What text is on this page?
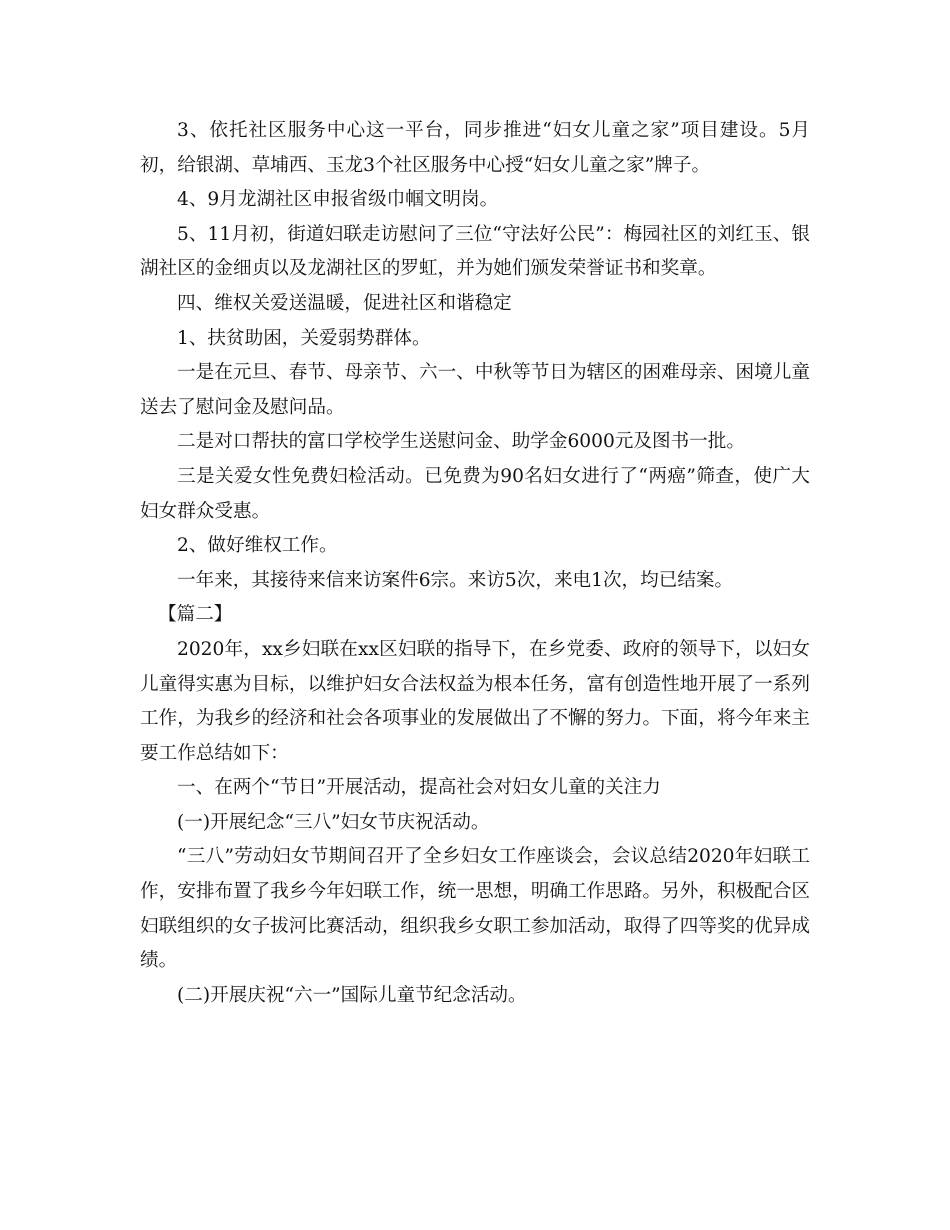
3、依托社区服务中心这一平台，同步推进“妇女儿童之家”项目建设。5月初，给银湖、草埔西、玉龙3个社区服务中心授“妇女儿童之家”牌子。

4、9月龙湖社区申报省级巾帼文明岗。

5、11月初，街道妇联走访慰问了三位“守法好公民”：梅园社区的刘红玉、银湖社区的金细贞以及龙湖社区的罗虹，并为她们颁发荣誉证书和奖章。

四、维权关爱送温暖，促进社区和谐稳定

1、扶贫助困，关爱弱势群体。

一是在元旦、春节、母亲节、六一、中秋等节日为辖区的困难母亲、困境儿童送去了慰问金及慰问品。

二是对口帮扶的富口学校学生送慰问金、助学金6000元及图书一批。

三是关爱女性免费妇检活动。已免费为90名妇女进行了“两癌”筛查，使广大妇女群众受惠。

2、做好维权工作。

一年来，其接待来信来访案件6宗。来访5次，来电1次，均已结案。

【篇二】

2020年，xx乡妇联在xx区妇联的指导下，在乡党委、政府的领导下，以妇女儿童得实惠为目标，以维护妇女合法权益为根本任务，富有创造性地开展了一系列工作，为我乡的经济和社会各项事业的发展做出了不懈的努力。下面，将今年来主要工作总结如下：

一、在两个“节日”开展活动，提高社会对妇女儿童的关注力

(一)开展纪念“三八”妇女节庆祝活动。

“三八”劳动妇女节期间召开了全乡妇女工作座谈会，会议总结2020年妇联工作，安排布置了我乡今年妇联工作，统一思想，明确工作思路。另外，积极配合区妇联组织的女子拔河比赛活动，组织我乡女职工参加活动，取得了四等奖的优异成绩。

(二)开展庆祝“六一”国际儿童节纪念活动。
